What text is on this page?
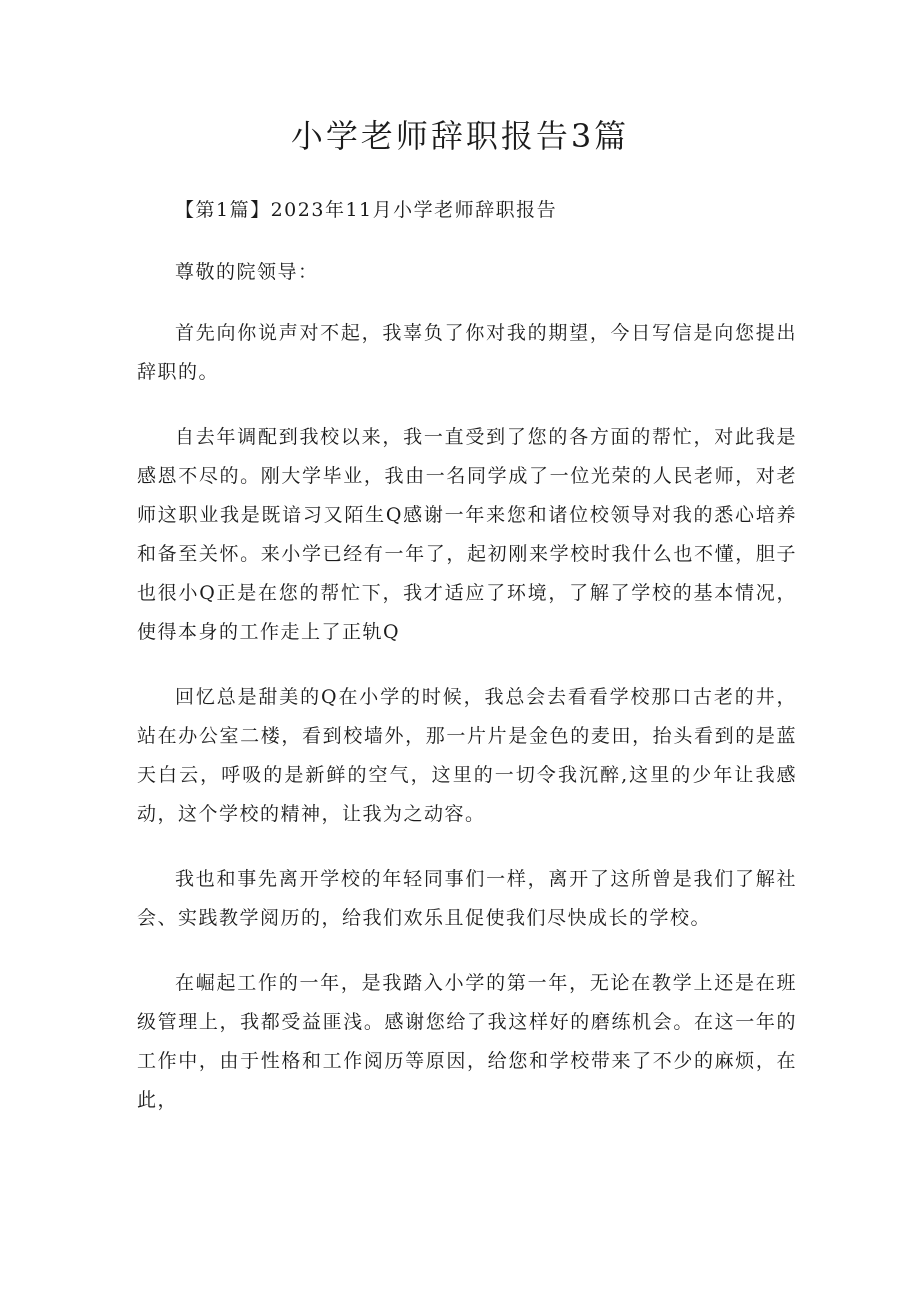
小学老师辞职报告3篇

【第1篇】2023年11月小学老师辞职报告

尊敬的院领导：

首先向你说声对不起，我辜负了你对我的期望，今日写信是向您提出辞职的。

自去年调配到我校以来，我一直受到了您的各方面的帮忙，对此我是感恩不尽的。刚大学毕业，我由一名同学成了一位光荣的人民老师，对老师这职业我是既谙习又陌生Q感谢一年来您和诸位校领导对我的悉心培养和备至关怀。来小学已经有一年了，起初刚来学校时我什么也不懂，胆子也很小Q正是在您的帮忙下，我才适应了环境，了解了学校的基本情况，使得本身的工作走上了正轨Q

回忆总是甜美的Q在小学的时候，我总会去看看学校那口古老的井，站在办公室二楼，看到校墙外，那一片片是金色的麦田，抬头看到的是蓝天白云，呼吸的是新鲜的空气，这里的一切令我沉醉,这里的少年让我感动，这个学校的精神，让我为之动容。

我也和事先离开学校的年轻同事们一样，离开了这所曾是我们了解社会、实践教学阅历的，给我们欢乐且促使我们尽快成长的学校。

在崛起工作的一年，是我踏入小学的第一年，无论在教学上还是在班级管理上，我都受益匪浅。感谢您给了我这样好的磨练机会。在这一年的工作中，由于性格和工作阅历等原因，给您和学校带来了不少的麻烦，在此，
